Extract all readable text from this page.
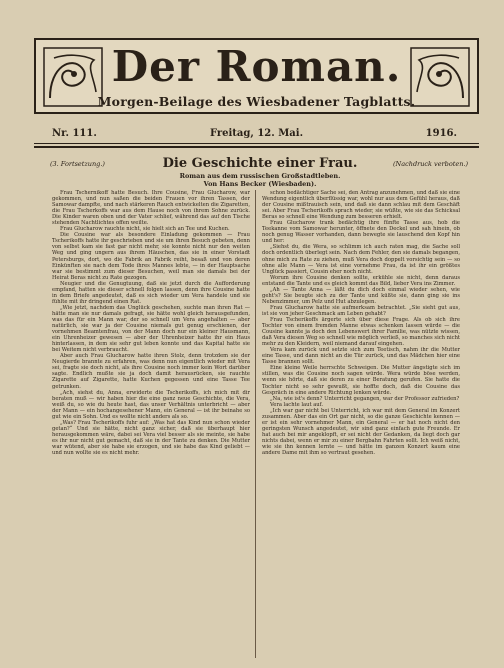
Der Roman.
Morgen-Beilage des Wiesbadener Tagblatts.
Nr. 111.	Freitag, 12. Mai.	1916.
(3. Fortsetzung.)	(Nachdruck verboten.)
Die Geschichte einer Frau.
Roman aus dem russischen Großstadtleben.
Von Hans Becker (Wiesbaden).

Frau Tschernikoff hatte Besuch. Ihre Cousine, Frau Glucharow, war gekommen, und nun saßen die beiden Frauen vor ihren Tassen, der Samowar dampfte, und nach stärkeren Rauch entwickelten die Zigaretten, die Frau Tscherkoffs war aus dem Hause noch von ihrem Sohne zurück. Die Kinder waren oben und der Vater schlief, während das auf den Tische stehenden Nachtlichtes offen weilte.

Frau Glucharow rauchte nicht, sie hielt sich an Tee und Kuchen.

Die Cousine war als besondere Einladung gekommen — Frau Tscherikoffs hatte ihr geschrieben und sie um ihren Besuch gebeten, denn von selbst kam sie fast gar nicht mehr, sie konnte nicht nur den weiten Weg und ging ungern aus ihrem Häuschen, das sie in einer Vorstadt Petersburgs, dort, wo die Fabrik an Fabrik reiht, besaß und von deren Einkünften sie nach dem Tode ihres Mannes lebte, — in der Hauptsache war sie bestimmt zum dieser Besuchen, weil man sie damals bei der Heirat Beras nicht zu Rate gezogen.

Neugier und die Genugtuung, daß sie jetzt durch die Aufforderung empfand, hatten sie dieser schnell folgen lassen, denn ihre Cousine hatte in dem Briefe angedeutet, daß es sich wieder um Vera handele und sie fühlte mit ihr dringend einen Rat.

„Wie jetzt, nachdem das Unglück geschehen, suchte man ihren Rat — hätte man sie nur damals gefragt, sie hätte wohl gleich herausgefunden, was das für ein Mann war, der so schnell um Vera angehalten — aber natürlich, sie war ja der Cousine niemals gut genug erschienen, der vornehmen Beamtenfrau, von der Mann doch nur ein kleiner Hausmann, ein Uhrenheizer gewesen — aber der Uhrenheizer hatte ihr ein Haus hinterlassen, in dem sie sehr gut leben konnte und das Kapital hatte sie bei Weitem nicht verbraucht.

Aber auch Frau Glucharow hatte ihren Stolz, denn trotzdem sie der Neugierde brannte zu erfahren, was denn nun eigentlich wieder mit Vera sei, fragte sie doch nicht, als ihre Cousine noch immer kein Wort darüber sagte. Endlich mußte sie ja doch damit herausrücken, sie rauchte Zigarette auf Zigarette, hatte Kuchen gegessen und eine Tasse Tee getrunken.

„Ach, siehst du, Anna, erwiderte die Tscherikoffs, ich mich mit dir beraten muß — wir haben hier die eine ganz neue Geschichte, die Vera, weiß du, so wie du heute hast, das unser Verhältnis unterbricht — aber der Mann — ein hochangesehener Mann, ein General — ist ihr beinahe so gut wie ein Sohn. Und es wollte nicht anders als so.

„Was? Frau Tscherikoffs fuhr auf: „Was hat das Kind nun schon wieder getan?“ Und sie hätte, nicht ganz sicher, daß sie überhaupt hier herausgekommen wäre, dabei sei Vera viel besser als sie meinte, sie habe es ihr nur nicht gut gemacht, daß sie in der Tante zu denken. Die Mutter war wütend, aber sie habe sie erzogen, und sie habe das Kind geliebt — und nun wollte sie es nicht mehr.

schon bedächtiger Sache sei, den Antrag anzunehmen, und daß sie eine Wendung eigentlich überflüssig war, wohl nur aus dem Gefühl heraus, daß der Cousine mißtrauisch sein, und daß sie dann schlau mit dem Geschäft sei. Aber Frau Tscherikoffs sprach wieder, sie wüßte, wie sie das Schicksal Beras so schnell eine Wendung zum besseren erhielt.

Frau Glucharow trank bedächtig ihre fünfte Tasse aus, hob die Teekanne vom Samowar herunter, öffnete den Deckel und sah hinein, ob noch genug Wasser vorhanden, dann bewegte sie lauschend den Kopf hin und her:

„Siehst du, die Wera, so schlimm ich auch raten mag, die Sache soll doch ordentlich überlegt sein. Nach dem Fehler, den sie damals begangen, ohne mich zu Rate zu ziehen, muß Vera doch doppelt vorsichtig sein — so ohne alle Mann — Vera ist eine vornehme Frau, da ist ihr ein größtes Unglück passiert, Cousin eher noch nicht.

Worum ihre Cousine denken sollte, erkühle sie nicht, denn daraus entstand die Tante und es gleich kommt das Bild, lieber Vera ins Zimmer.

„Ah — Tante Anna — läßt du dich doch einmal wieder sehen, wie geht's? Sie beugte sich zu der Tante und küßte sie, dann ging sie ins Nebenzimmer, um Pelz und Hut abzulegen.

Frau Glucharow hatte sie aufmerksam betrachtet. „Sie sieht gut aus, ist sie von jeher Geschmack am Leben gehabt?

Frau Tscherikoffs ärgerte sich über diese Frage. Als ob sich ihre Tochter von einem fremden Manne etwas schenken lassen würde — die Cousine kannte ja doch den Lebenswert ihrer Familie, was nützte wissen, daß Vera diesen Weg so schnell wie möglich verließ, so manches sich nicht mehr zu den Kleidern, weil niemand darauf eingehen.

Vera kam zurück und setzte sich zum Teetisch, nahm ihr die Mutter eine Tasse, und dann nicht an die Tür zurück, und das Mädchen hier eine Tasse brannen sollt.

Eine kleine Weile herrschte Schweigen. Die Mutter ängstigte sich im stillen, was die Cousine noch sagen würde. Wera würde böse werden, wenn sie hörte, daß sie deren zu einer Beratung gerufen. Sie hatte die Tochter nicht so sehr gewußt, sie hoffte doch, daß die Cousine das Gespräch in eine andere Richtung lenken würde.

„Na, wie ist's denn? Unterricht gegangen, war der Professor zufrieden?

Vera lachte laut auf.

„Ich war gar nicht bei Unterricht, ich war mit dem General im Konzert zusammen. Aber das ein Ort gar nicht, so die ganze Geschichte kennen — er ist ein sehr vornehmer Mann, ein General — er hat noch nicht den geringsten Wunsch angedeutet, wir sind ganz einfach gute Freunde. Er hat auch bei mir angeklopft, er sei nicht der Gedanken, da liegt doch gar nichts dabei, wenn er mir zu einer Bergbahn Fahrten sollt. Ich weiß nicht, wie sie ihn kennen lernte — und hätte im ganzen Konzert kaum eine andere Dame mit ihm so vertraut gesehen.
